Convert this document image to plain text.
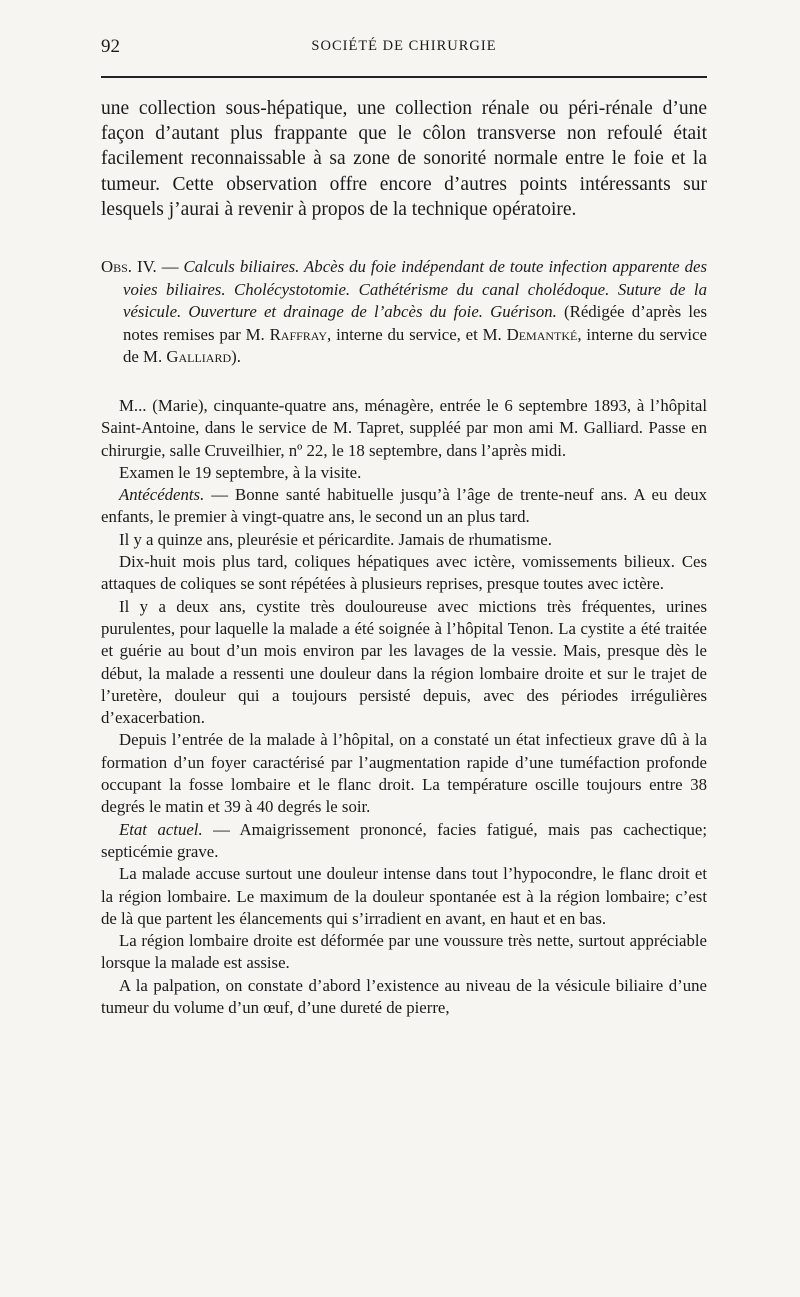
92	SOCIÉTÉ DE CHIRURGIE

une collection sous-hépatique, une collection rénale ou péri-rénale d’une façon d’autant plus frappante que le côlon transverse non refoulé était facilement reconnaissable à sa zone de sonorité normale entre le foie et la tumeur. Cette observation offre encore d’autres points intéressants sur lesquels j’aurai à revenir à propos de la technique opératoire.

Obs. IV. — Calculs biliaires. Abcès du foie indépendant de toute infection apparente des voies biliaires. Cholécystotomie. Cathétérisme du canal cholédoque. Suture de la vésicule. Ouverture et drainage de l’abcès du foie. Guérison. (Rédigée d’après les notes remises par M. Raffray, interne du service, et M. Demantké, interne du service de M. Galliard).

M... (Marie), cinquante-quatre ans, ménagère, entrée le 6 septembre 1893, à l’hôpital Saint-Antoine, dans le service de M. Tapret, suppléé par mon ami M. Galliard. Passe en chirurgie, salle Cruveilhier, nº 22, le 18 septembre, dans l’après midi.

Examen le 19 septembre, à la visite.

Antécédents. — Bonne santé habituelle jusqu’à l’âge de trente-neuf ans. A eu deux enfants, le premier à vingt-quatre ans, le second un an plus tard.

Il y a quinze ans, pleurésie et péricardite. Jamais de rhumatisme.

Dix-huit mois plus tard, coliques hépatiques avec ictère, vomissements bilieux. Ces attaques de coliques se sont répétées à plusieurs reprises, presque toutes avec ictère.

Il y a deux ans, cystite très douloureuse avec mictions très fréquentes, urines purulentes, pour laquelle la malade a été soignée à l’hôpital Tenon. La cystite a été traitée et guérie au bout d’un mois environ par les lavages de la vessie. Mais, presque dès le début, la malade a ressenti une douleur dans la région lombaire droite et sur le trajet de l’uretère, douleur qui a toujours persisté depuis, avec des périodes irrégulières d’exacerbation.

Depuis l’entrée de la malade à l’hôpital, on a constaté un état infectieux grave dû à la formation d’un foyer caractérisé par l’augmentation rapide d’une tuméfaction profonde occupant la fosse lombaire et le flanc droit. La température oscille toujours entre 38 degrés le matin et 39 à 40 degrés le soir.

Etat actuel. — Amaigrissement prononcé, facies fatigué, mais pas cachectique; septicémie grave.

La malade accuse surtout une douleur intense dans tout l’hypocondre, le flanc droit et la région lombaire. Le maximum de la douleur spontanée est à la région lombaire; c’est de là que partent les élancements qui s’irradient en avant, en haut et en bas.

La région lombaire droite est déformée par une voussure très nette, surtout appréciable lorsque la malade est assise.

A la palpation, on constate d’abord l’existence au niveau de la vésicule biliaire d’une tumeur du volume d’un œuf, d’une dureté de pierre,
